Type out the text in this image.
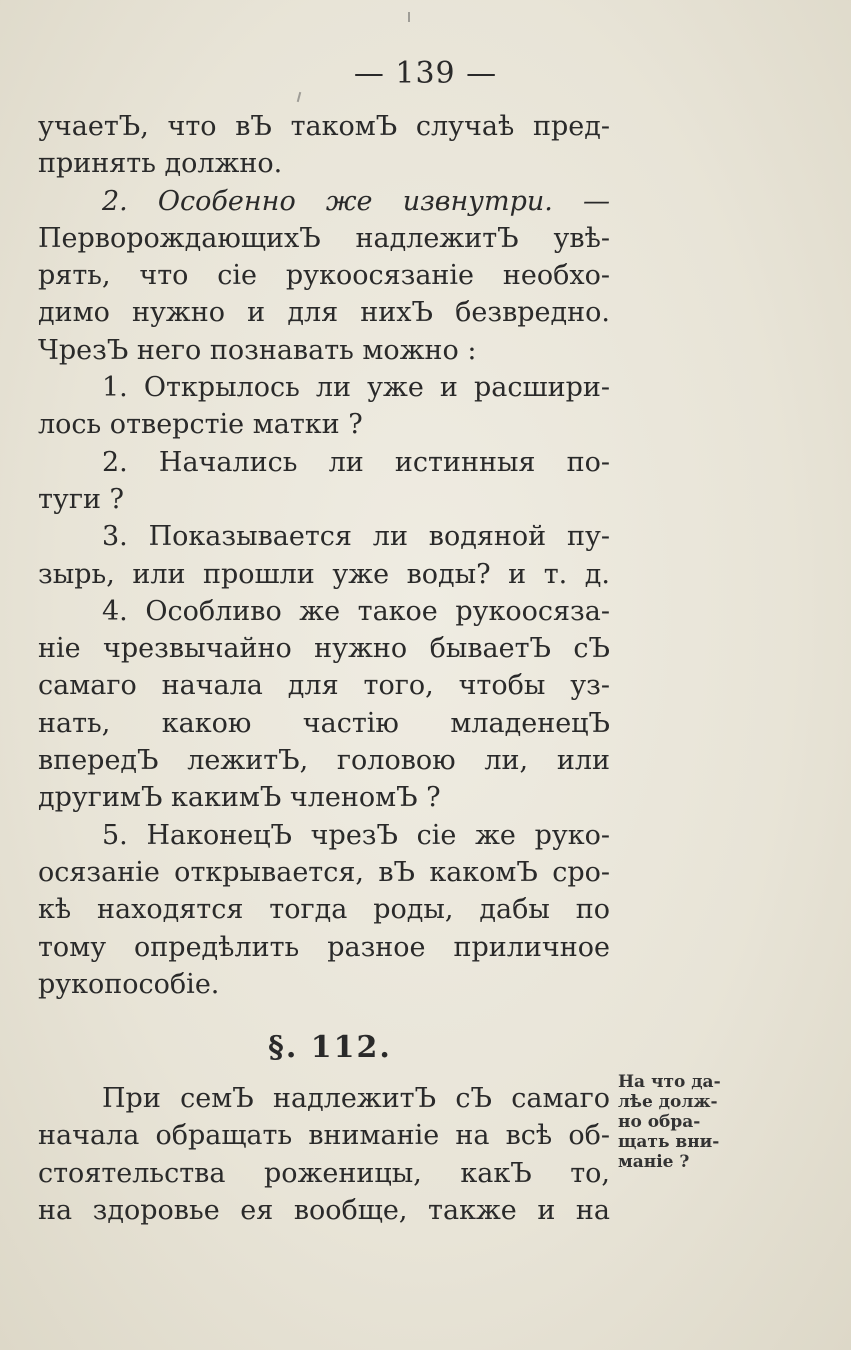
— 139 —
учаетЪ, что вЪ такомЪ случаѣ пред-
принять должно.
2. Особенно же извнутри. —
ПерворождающихЪ надлежитЪ увѣ-
рять, что сіе рукоосязаніе необхо-
димо нужно и для нихЪ безвредно.
ЧрезЪ него познавать можно :
1. Открылось ли уже и расшири-
лось отверстіе матки ?
2. Начались ли истинныя по-
туги ?
3. Показывается ли водяной пу-
зырь, или прошли уже воды? и т. д.
4. Особливо же такое рукоосяза-
ніе чрезвычайно нужно бываетЪ сЪ
самаго начала для того, чтобы уз-
нать, какою частію младенецЪ
впередЪ лежитЪ, головою ли, или
другимЪ какимЪ членомЪ ?
5. НаконецЪ чрезЪ сіе же руко-
осязаніе открывается, вЪ какомЪ сро-
кѣ находятся тогда роды, дабы по
тому опредѣлить разное приличное
рукопособіе.
§. 112.
При семЪ надлежитЪ сЪ самаго
начала обращать вниманіе на всѣ об-
стоятельства роженицы, какЪ то,
на здоровье ея вообще, также и на
На что да-
лѣе долж-
но обра-
щать вни-
маніе ?
